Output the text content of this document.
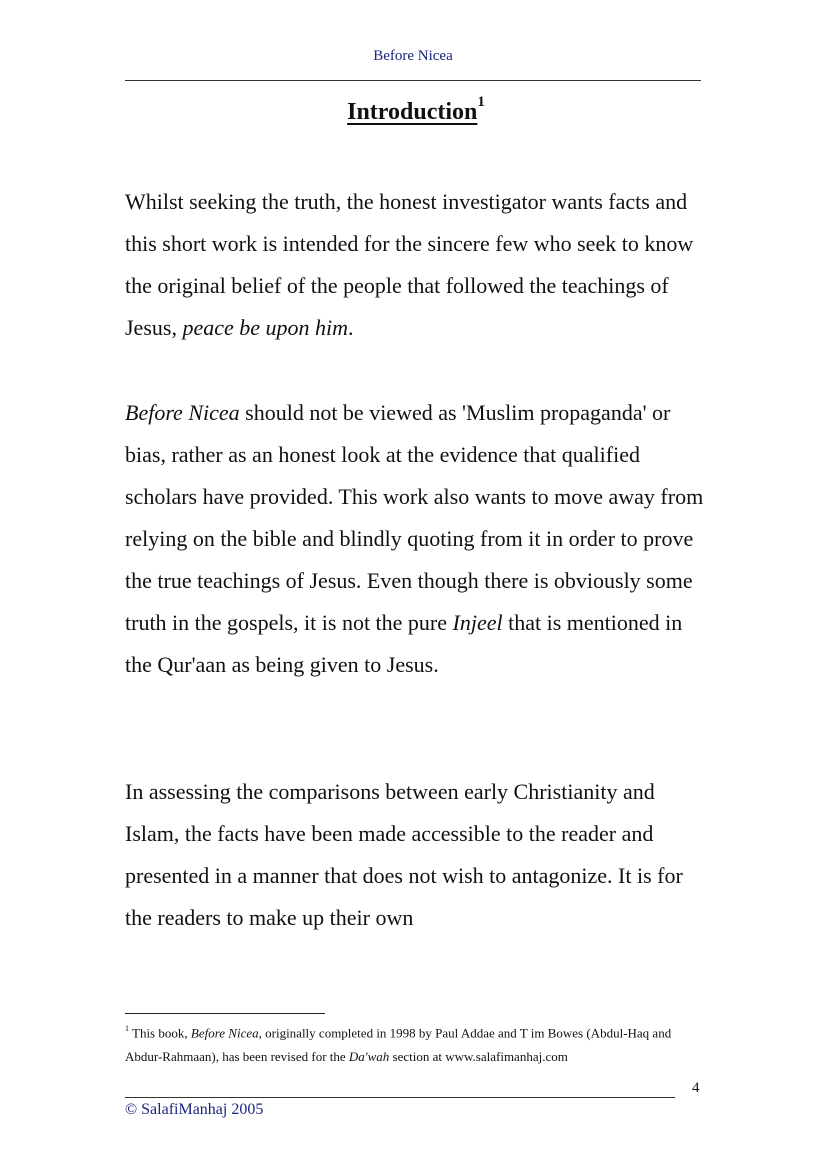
Before Nicea
Introduction$^1$

Whilst seeking the truth, the honest investigator wants facts and this short work is intended for the sincere few who seek to know the original belief of the people that followed the teachings of Jesus, peace be upon him.

Before Nicea should not be viewed as 'Muslim propaganda' or bias, rather as an honest look at the evidence that qualified scholars have provided. This work also wants to move away from relying on the bible and blindly quoting from it in order to prove the true teachings of Jesus. Even though there is obviously some truth in the gospels, it is not the pure Injeel that is mentioned in the Qur'aan as being given to Jesus.

In assessing the comparisons between early Christianity and Islam, the facts have been made accessible to the reader and presented in a manner that does not wish to antagonize. It is for the readers to make up their own

$^1$ This book, Before Nicea, originally completed in 1998 by Paul Addae and T im Bowes (Abdul-Haq and Abdur-Rahmaan), has been revised for the Da'wah section at www.salafimanhaj.com
4
© SalafiManhaj 2005
